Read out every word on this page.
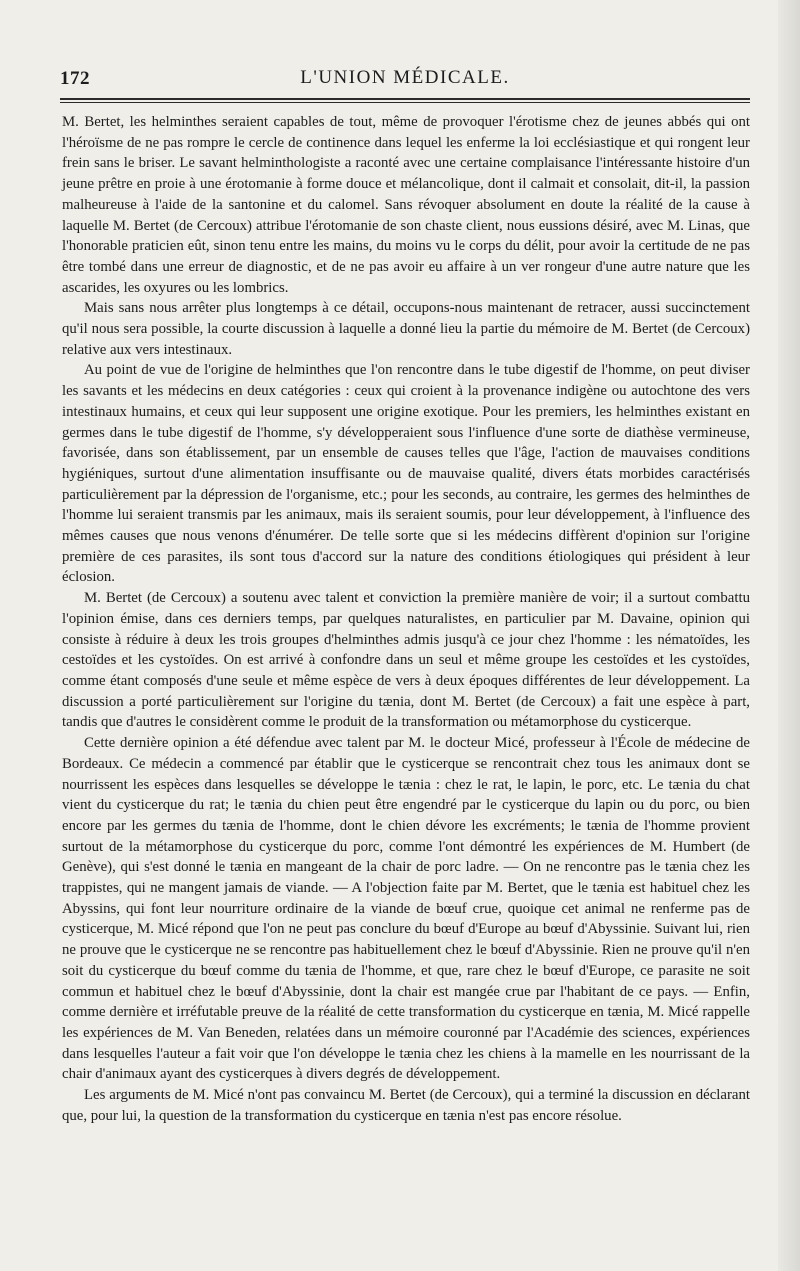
172	L'UNION MÉDICALE.

M. Bertet, les helminthes seraient capables de tout, même de provoquer l'érotisme chez de jeunes abbés qui ont l'héroïsme de ne pas rompre le cercle de continence dans lequel les enferme la loi ecclésiastique et qui rongent leur frein sans le briser. Le savant helminthologiste a raconté avec une certaine complaisance l'intéressante histoire d'un jeune prêtre en proie à une érotomanie à forme douce et mélancolique, dont il calmait et consolait, dit-il, la passion malheureuse à l'aide de la santonine et du calomel. Sans révoquer absolument en doute la réalité de la cause à laquelle M. Bertet (de Cercoux) attribue l'érotomanie de son chaste client, nous eussions désiré, avec M. Linas, que l'honorable praticien eût, sinon tenu entre les mains, du moins vu le corps du délit, pour avoir la certitude de ne pas être tombé dans une erreur de diagnostic, et de ne pas avoir eu affaire à un ver rongeur d'une autre nature que les ascarides, les oxyures ou les lombrics.

Mais sans nous arrêter plus longtemps à ce détail, occupons-nous maintenant de retracer, aussi succinctement qu'il nous sera possible, la courte discussion à laquelle a donné lieu la partie du mémoire de M. Bertet (de Cercoux) relative aux vers intestinaux.

Au point de vue de l'origine de helminthes que l'on rencontre dans le tube digestif de l'homme, on peut diviser les savants et les médecins en deux catégories : ceux qui croient à la provenance indigène ou autochtone des vers intestinaux humains, et ceux qui leur supposent une origine exotique. Pour les premiers, les helminthes existant en germes dans le tube digestif de l'homme, s'y développeraient sous l'influence d'une sorte de diathèse vermineuse, favorisée, dans son établissement, par un ensemble de causes telles que l'âge, l'action de mauvaises conditions hygiéniques, surtout d'une alimentation insuffisante ou de mauvaise qualité, divers états morbides caractérisés particulièrement par la dépression de l'organisme, etc.; pour les seconds, au contraire, les germes des helminthes de l'homme lui seraient transmis par les animaux, mais ils seraient soumis, pour leur développement, à l'influence des mêmes causes que nous venons d'énumérer. De telle sorte que si les médecins diffèrent d'opinion sur l'origine première de ces parasites, ils sont tous d'accord sur la nature des conditions étiologiques qui président à leur éclosion.

M. Bertet (de Cercoux) a soutenu avec talent et conviction la première manière de voir; il a surtout combattu l'opinion émise, dans ces derniers temps, par quelques naturalistes, en particulier par M. Davaine, opinion qui consiste à réduire à deux les trois groupes d'helminthes admis jusqu'à ce jour chez l'homme : les nématoïdes, les cestoïdes et les cystoïdes. On est arrivé à confondre dans un seul et même groupe les cestoïdes et les cystoïdes, comme étant composés d'une seule et même espèce de vers à deux époques différentes de leur développement. La discussion a porté particulièrement sur l'origine du tænia, dont M. Bertet (de Cercoux) a fait une espèce à part, tandis que d'autres le considèrent comme le produit de la transformation ou métamorphose du cysticerque.

Cette dernière opinion a été défendue avec talent par M. le docteur Micé, professeur à l'École de médecine de Bordeaux. Ce médecin a commencé par établir que le cysticerque se rencontrait chez tous les animaux dont se nourrissent les espèces dans lesquelles se développe le tænia : chez le rat, le lapin, le porc, etc. Le tænia du chat vient du cysticerque du rat; le tænia du chien peut être engendré par le cysticerque du lapin ou du porc, ou bien encore par les germes du tænia de l'homme, dont le chien dévore les excréments; le tænia de l'homme provient surtout de la métamorphose du cysticerque du porc, comme l'ont démontré les expériences de M. Humbert (de Genève), qui s'est donné le tænia en mangeant de la chair de porc ladre. — On ne rencontre pas le tænia chez les trappistes, qui ne mangent jamais de viande. — A l'objection faite par M. Bertet, que le tænia est habituel chez les Abyssins, qui font leur nourriture ordinaire de la viande de bœuf crue, quoique cet animal ne renferme pas de cysticerque, M. Micé répond que l'on ne peut pas conclure du bœuf d'Europe au bœuf d'Abyssinie. Suivant lui, rien ne prouve que le cysticerque ne se rencontre pas habituellement chez le bœuf d'Abyssinie. Rien ne prouve qu'il n'en soit du cysticerque du bœuf comme du tænia de l'homme, et que, rare chez le bœuf d'Europe, ce parasite ne soit commun et habituel chez le bœuf d'Abyssinie, dont la chair est mangée crue par l'habitant de ce pays. — Enfin, comme dernière et irréfutable preuve de la réalité de cette transformation du cysticerque en tænia, M. Micé rappelle les expériences de M. Van Beneden, relatées dans un mémoire couronné par l'Académie des sciences, expériences dans lesquelles l'auteur a fait voir que l'on développe le tænia chez les chiens à la mamelle en les nourrissant de la chair d'animaux ayant des cysticerques à divers degrés de développement.

Les arguments de M. Micé n'ont pas convaincu M. Bertet (de Cercoux), qui a terminé la discussion en déclarant que, pour lui, la question de la transformation du cysticerque en tænia n'est pas encore résolue.
